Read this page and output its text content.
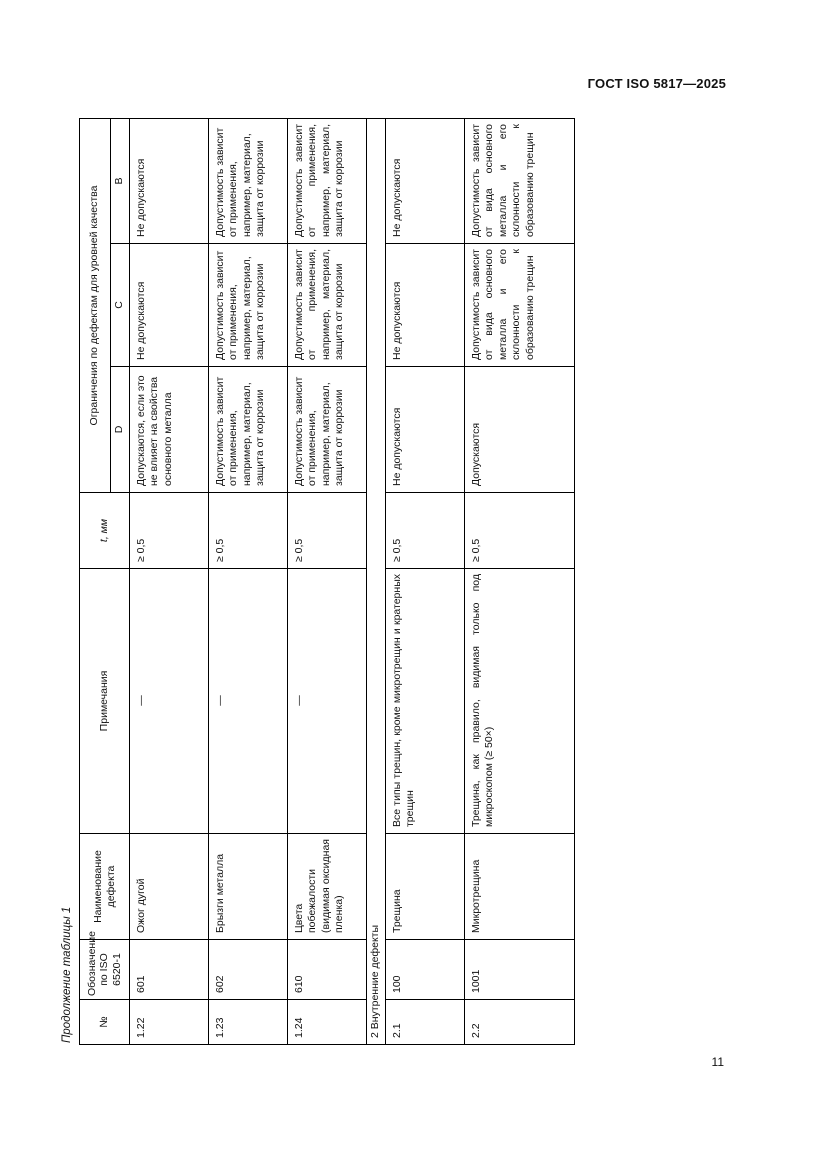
ГОСТ ISO 5817—2025
Продолжение таблицы 1	№	Обозначение по ISO 6520-1	Наименование дефекта	Примечания	t, мм	Ограничения по дефектам для уровней качества		
					D	C	B
1.22	601	Ожог дугой	—	≥ 0,5	Допускаются, если это не влияет на свойства основного металла	Не допускаются	Не допускаются
1.23	602	Брызги металла	—	≥ 0,5	Допустимость зависит от применения, например, материал, защита от коррозии	Допустимость зависит от применения, например, материал, защита от коррозии	Допустимость зависит от применения, например, материал, защита от коррозии
1.24	610	Цвета побежалости (видимая оксидная пленка)	—	≥ 0,5	Допустимость зависит от применения, например, материал, защита от коррозии	Допустимость зависит от применения, например, материал, защита от коррозии	Допустимость зависит от применения, например, материал, защита от коррозии
2 Внутренние дефекты							
2.1	100	Трещина	Все типы трещин, кроме микротрещин и кратерных трещин	≥ 0,5	Не допускаются	Не допускаются	Не допускаются
2.2	1001	Микротрещина	Трещина, как правило, видимая только под микроскопом (≥ 50×)	≥ 0,5	Допускаются	Допустимость зависит от вида основного металла и его склонности к образованию трещин	Допустимость зависит от вида основного металла и его склонности к образованию трещин
11
